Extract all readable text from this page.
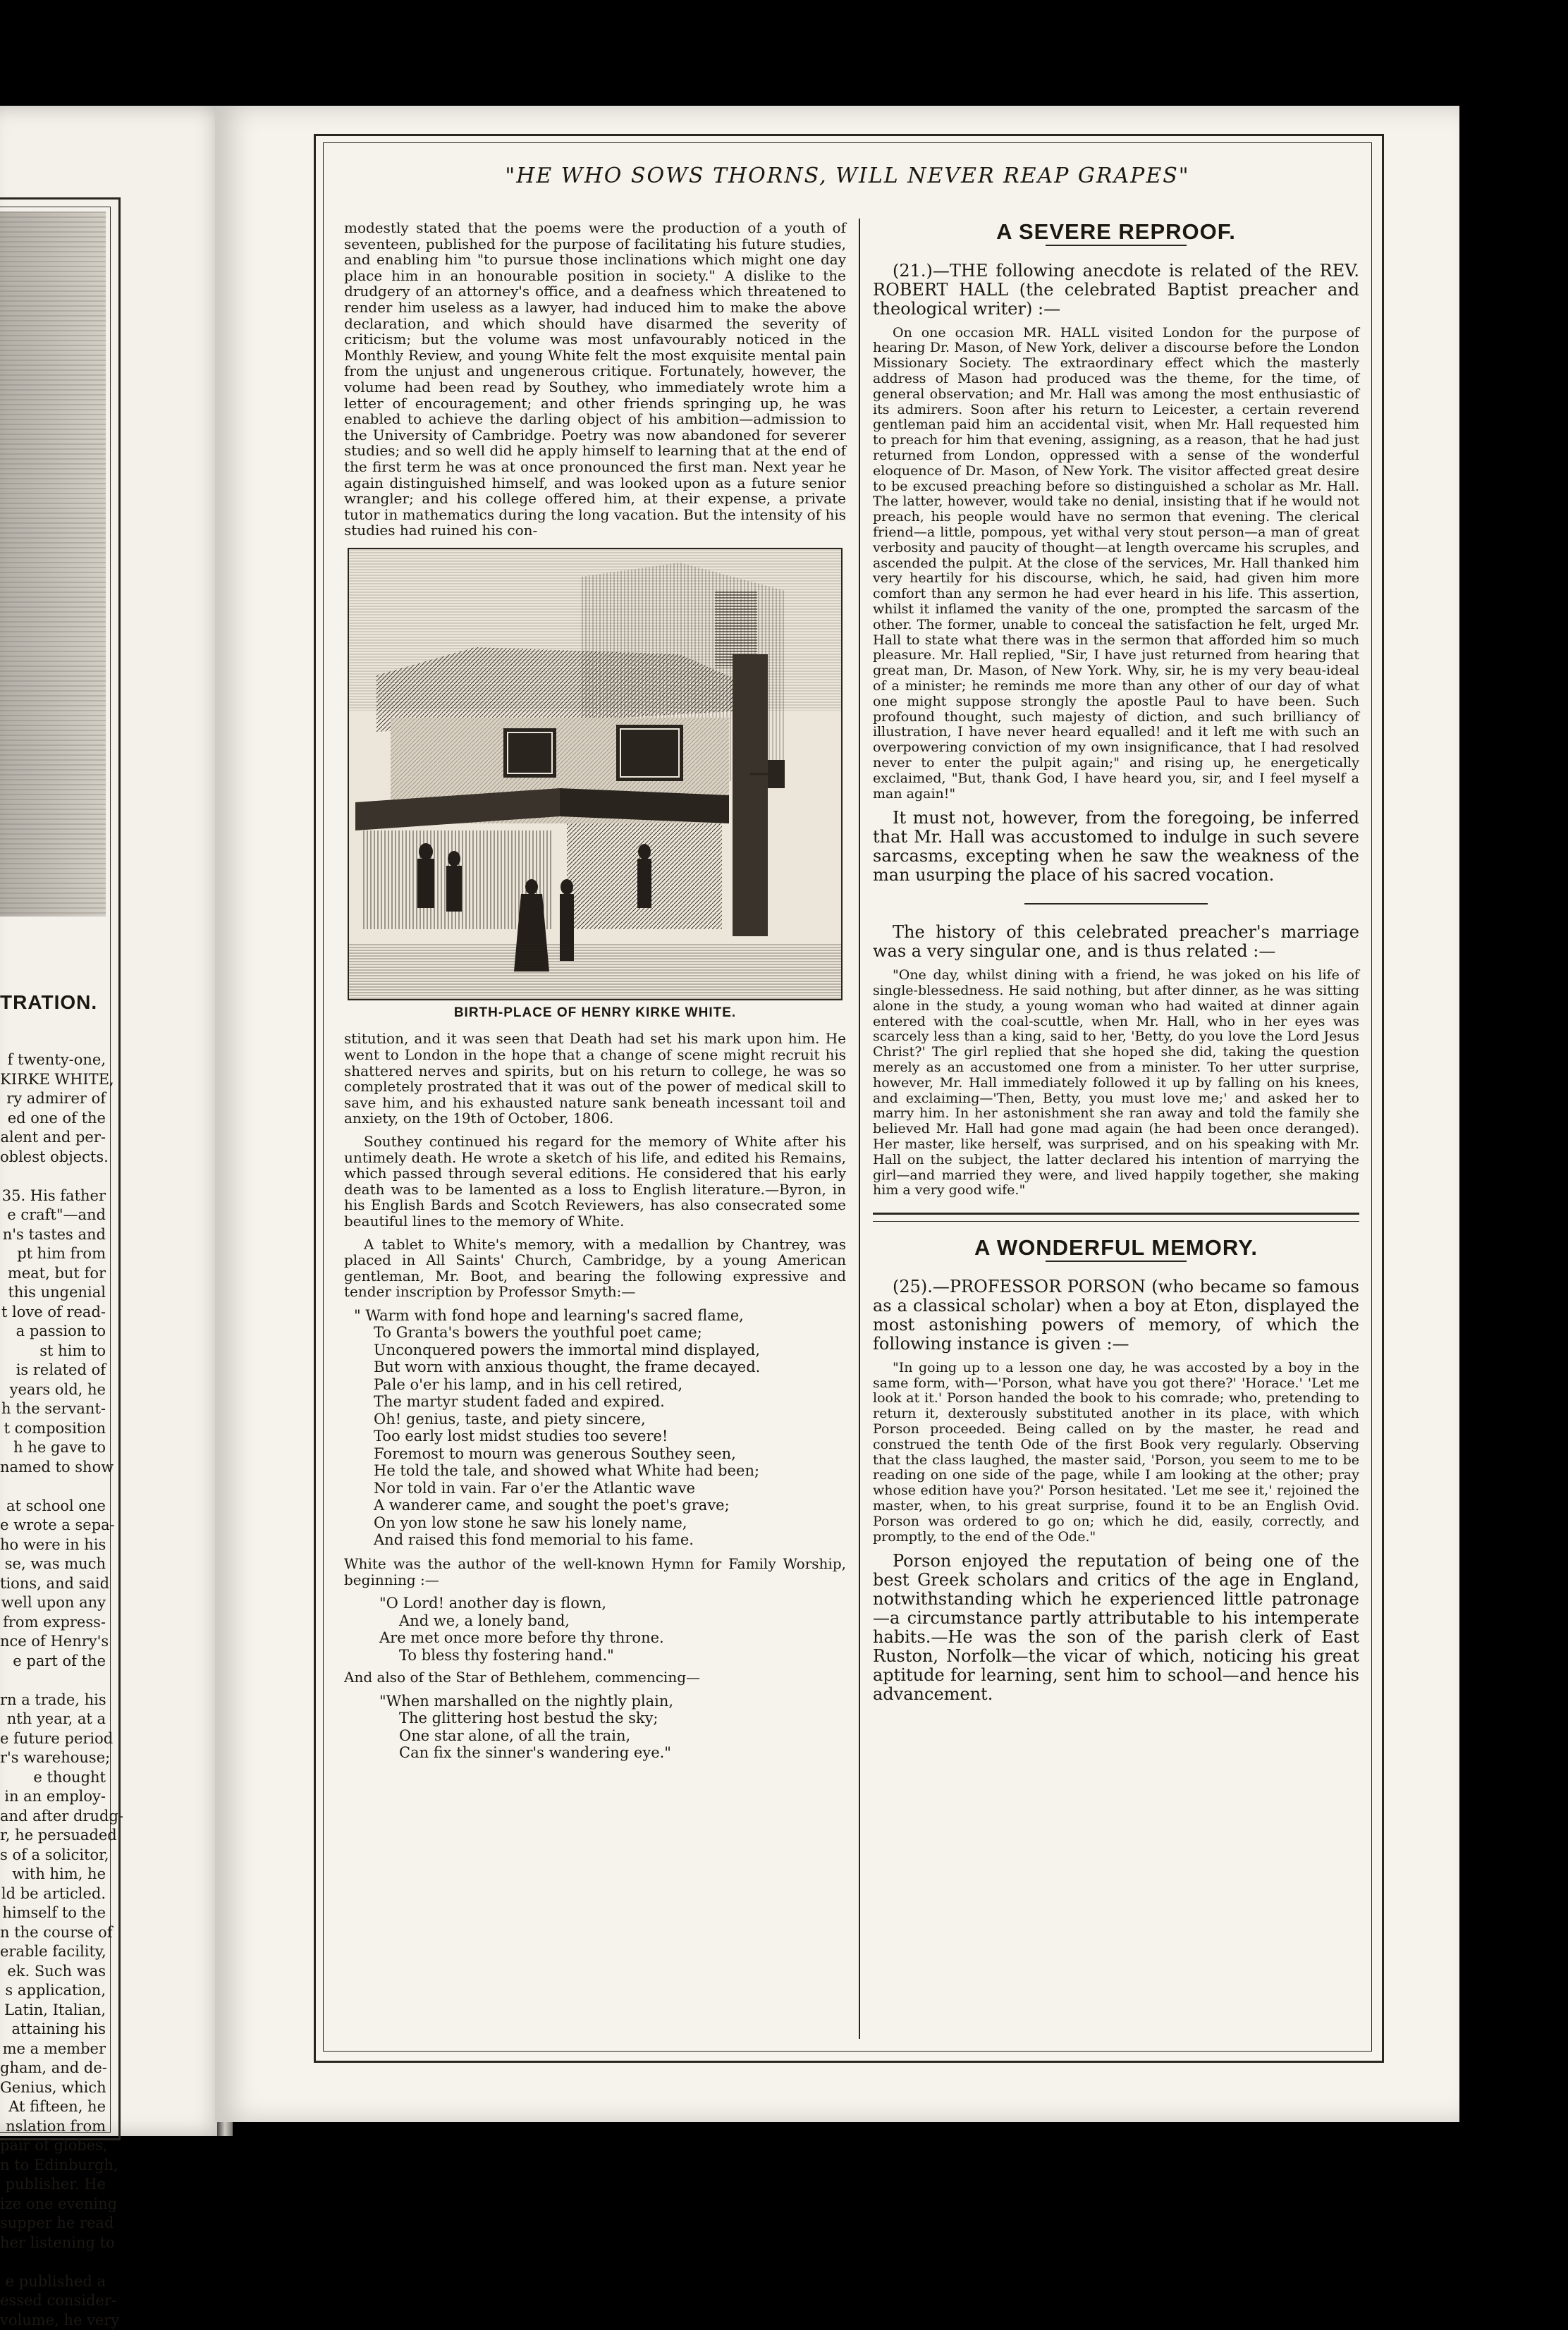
TRATION.
f twenty-one,
KIRKE WHITE,
ry admirer of
ed one of the
alent and per-
oblest objects.

35. His father
e craft"—and
n's tastes and
pt him from
meat, but for
this ungenial
t love of read-
a passion to
st him to
is related of
years old, he
h the servant-
t composition
h he gave to
named to show

at school one
e wrote a sepa-
ho were in his
se, was much
tions, and said
well upon any
from express-
nce of Henry's
e part of the

rn a trade, his
nth year, at a
e future period
r's warehouse;
e thought
in an employ-
and after drudg-
r, he persuaded
s of a solicitor,
with him, he
ld be articled.
himself to the
n the course of
erable facility,
ek. Such was
s application,
Latin, Italian,
attaining his
me a member
gham, and de-
Genius, which
At fifteen, he
nslation from
pair of globes,
n to Edinburgh,
publisher. He
ize one evening
supper he read
her listening to

e published a
essed consider-
volume, he very
"HE WHO SOWS THORNS, WILL NEVER REAP GRAPES"

modestly stated that the poems were the production of a youth of seventeen, published for the purpose of facilitating his future studies, and enabling him "to pursue those inclinations which might one day place him in an honourable position in society." A dislike to the drudgery of an attorney's office, and a deafness which threatened to render him useless as a lawyer, had induced him to make the above declaration, and which should have disarmed the severity of criticism; but the volume was most unfavourably noticed in the Monthly Review, and young White felt the most exquisite mental pain from the unjust and ungenerous critique. Fortunately, however, the volume had been read by Southey, who immediately wrote him a letter of encouragement; and other friends springing up, he was enabled to achieve the darling object of his ambition—admission to the University of Cambridge. Poetry was now abandoned for severer studies; and so well did he apply himself to learning that at the end of the first term he was at once pronounced the first man. Next year he again distinguished himself, and was looked upon as a future senior wrangler; and his college offered him, at their expense, a private tutor in mathematics during the long vacation. But the intensity of his studies had ruined his con-

BIRTH-PLACE OF HENRY KIRKE WHITE.

stitution, and it was seen that Death had set his mark upon him. He went to London in the hope that a change of scene might recruit his shattered nerves and spirits, but on his return to college, he was so completely prostrated that it was out of the power of medical skill to save him, and his exhausted nature sank beneath incessant toil and anxiety, on the 19th of October, 1806.

Southey continued his regard for the memory of White after his untimely death. He wrote a sketch of his life, and edited his Remains, which passed through several editions. He considered that his early death was to be lamented as a loss to English literature.—Byron, in his English Bards and Scotch Reviewers, has also consecrated some beautiful lines to the memory of White.

A tablet to White's memory, with a medallion by Chantrey, was placed in All Saints' Church, Cambridge, by a young American gentleman, Mr. Boot, and bearing the following expressive and tender inscription by Professor Smyth:—

" Warm with fond hope and learning's sacred flame,
To Granta's bowers the youthful poet came;
Unconquered powers the immortal mind displayed,
But worn with anxious thought, the frame decayed.
Pale o'er his lamp, and in his cell retired,
The martyr student faded and expired.
Oh! genius, taste, and piety sincere,
Too early lost midst studies too severe!
Foremost to mourn was generous Southey seen,
He told the tale, and showed what White had been;
Nor told in vain. Far o'er the Atlantic wave
A wanderer came, and sought the poet's grave;
On yon low stone he saw his lonely name,
And raised this fond memorial to his fame.

White was the author of the well-known Hymn for Family Worship, beginning :—

"O Lord! another day is flown,
And we, a lonely band,
Are met once more before thy throne.
To bless thy fostering hand."

And also of the Star of Bethlehem, commencing—

"When marshalled on the nightly plain,
The glittering host bestud the sky;
One star alone, of all the train,
Can fix the sinner's wandering eye."
A SEVERE REPROOF.

(21.)—THE following anecdote is related of the REV. ROBERT HALL (the celebrated Baptist preacher and theological writer) :—

On one occasion MR. HALL visited London for the purpose of hearing Dr. Mason, of New York, deliver a discourse before the London Missionary Society. The extraordinary effect which the masterly address of Mason had produced was the theme, for the time, of general observation; and Mr. Hall was among the most enthusiastic of its admirers. Soon after his return to Leicester, a certain reverend gentleman paid him an accidental visit, when Mr. Hall requested him to preach for him that evening, assigning, as a reason, that he had just returned from London, oppressed with a sense of the wonderful eloquence of Dr. Mason, of New York. The visitor affected great desire to be excused preaching before so distinguished a scholar as Mr. Hall. The latter, however, would take no denial, insisting that if he would not preach, his people would have no sermon that evening. The clerical friend—a little, pompous, yet withal very stout person—a man of great verbosity and paucity of thought—at length overcame his scruples, and ascended the pulpit. At the close of the services, Mr. Hall thanked him very heartily for his discourse, which, he said, had given him more comfort than any sermon he had ever heard in his life. This assertion, whilst it inflamed the vanity of the one, prompted the sarcasm of the other. The former, unable to conceal the satisfaction he felt, urged Mr. Hall to state what there was in the sermon that afforded him so much pleasure. Mr. Hall replied, "Sir, I have just returned from hearing that great man, Dr. Mason, of New York. Why, sir, he is my very beau-ideal of a minister; he reminds me more than any other of our day of what one might suppose strongly the apostle Paul to have been. Such profound thought, such majesty of diction, and such brilliancy of illustration, I have never heard equalled! and it left me with such an overpowering conviction of my own insignificance, that I had resolved never to enter the pulpit again;" and rising up, he energetically exclaimed, "But, thank God, I have heard you, sir, and I feel myself a man again!"

It must not, however, from the foregoing, be inferred that Mr. Hall was accustomed to indulge in such severe sarcasms, excepting when he saw the weakness of the man usurping the place of his sacred vocation.

The history of this celebrated preacher's marriage was a very singular one, and is thus related :—

"One day, whilst dining with a friend, he was joked on his life of single-blessedness. He said nothing, but after dinner, as he was sitting alone in the study, a young woman who had waited at dinner again entered with the coal-scuttle, when Mr. Hall, who in her eyes was scarcely less than a king, said to her, 'Betty, do you love the Lord Jesus Christ?' The girl replied that she hoped she did, taking the question merely as an accustomed one from a minister. To her utter surprise, however, Mr. Hall immediately followed it up by falling on his knees, and exclaiming—'Then, Betty, you must love me;' and asked her to marry him. In her astonishment she ran away and told the family she believed Mr. Hall had gone mad again (he had been once deranged). Her master, like herself, was surprised, and on his speaking with Mr. Hall on the subject, the latter declared his intention of marrying the girl—and married they were, and lived happily together, she making him a very good wife."

A WONDERFUL MEMORY.

(25).—PROFESSOR PORSON (who became so famous as a classical scholar) when a boy at Eton, displayed the most astonishing powers of memory, of which the following instance is given :—

"In going up to a lesson one day, he was accosted by a boy in the same form, with—'Porson, what have you got there?' 'Horace.' 'Let me look at it.' Porson handed the book to his comrade; who, pretending to return it, dexterously substituted another in its place, with which Porson proceeded. Being called on by the master, he read and construed the tenth Ode of the first Book very regularly. Observing that the class laughed, the master said, 'Porson, you seem to me to be reading on one side of the page, while I am looking at the other; pray whose edition have you?' Porson hesitated. 'Let me see it,' rejoined the master, when, to his great surprise, found it to be an English Ovid. Porson was ordered to go on; which he did, easily, correctly, and promptly, to the end of the Ode."

Porson enjoyed the reputation of being one of the best Greek scholars and critics of the age in England, notwithstanding which he experienced little patronage—a circumstance partly attributable to his intemperate habits.—He was the son of the parish clerk of East Ruston, Norfolk—the vicar of which, noticing his great aptitude for learning, sent him to school—and hence his advancement.
